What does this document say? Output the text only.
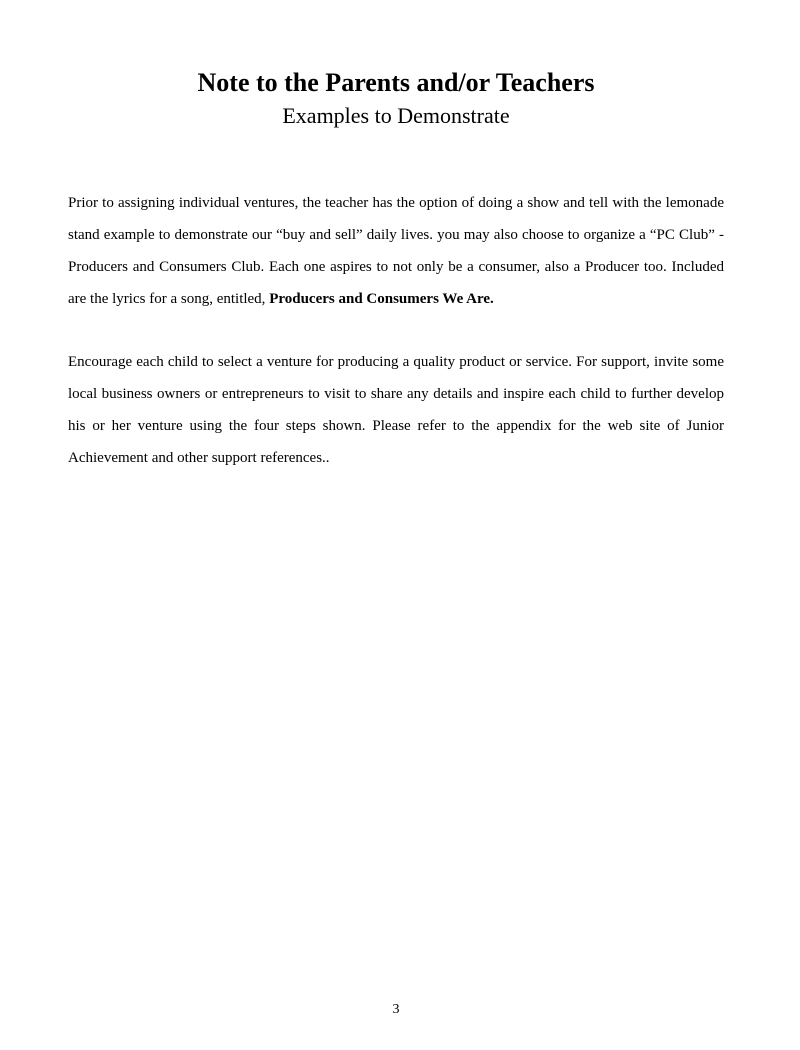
Note to the Parents and/or Teachers
Examples to Demonstrate

Prior to assigning individual ventures, the teacher has the option of doing a show and tell with the lemonade stand example to demonstrate our “buy and sell” daily lives. you may also choose to organize a “PC Club” - Producers and Consumers Club. Each one aspires to not only be a consumer, also a Producer too. Included are the lyrics for a song, entitled, Producers and Consumers We Are.

Encourage each child to select a venture for producing a quality product or service. For support, invite some local business owners or entrepreneurs to visit to share any details and inspire each child to further develop his or her venture using the four steps shown. Please refer to the appendix for the web site of Junior Achievement and other support references..

3
